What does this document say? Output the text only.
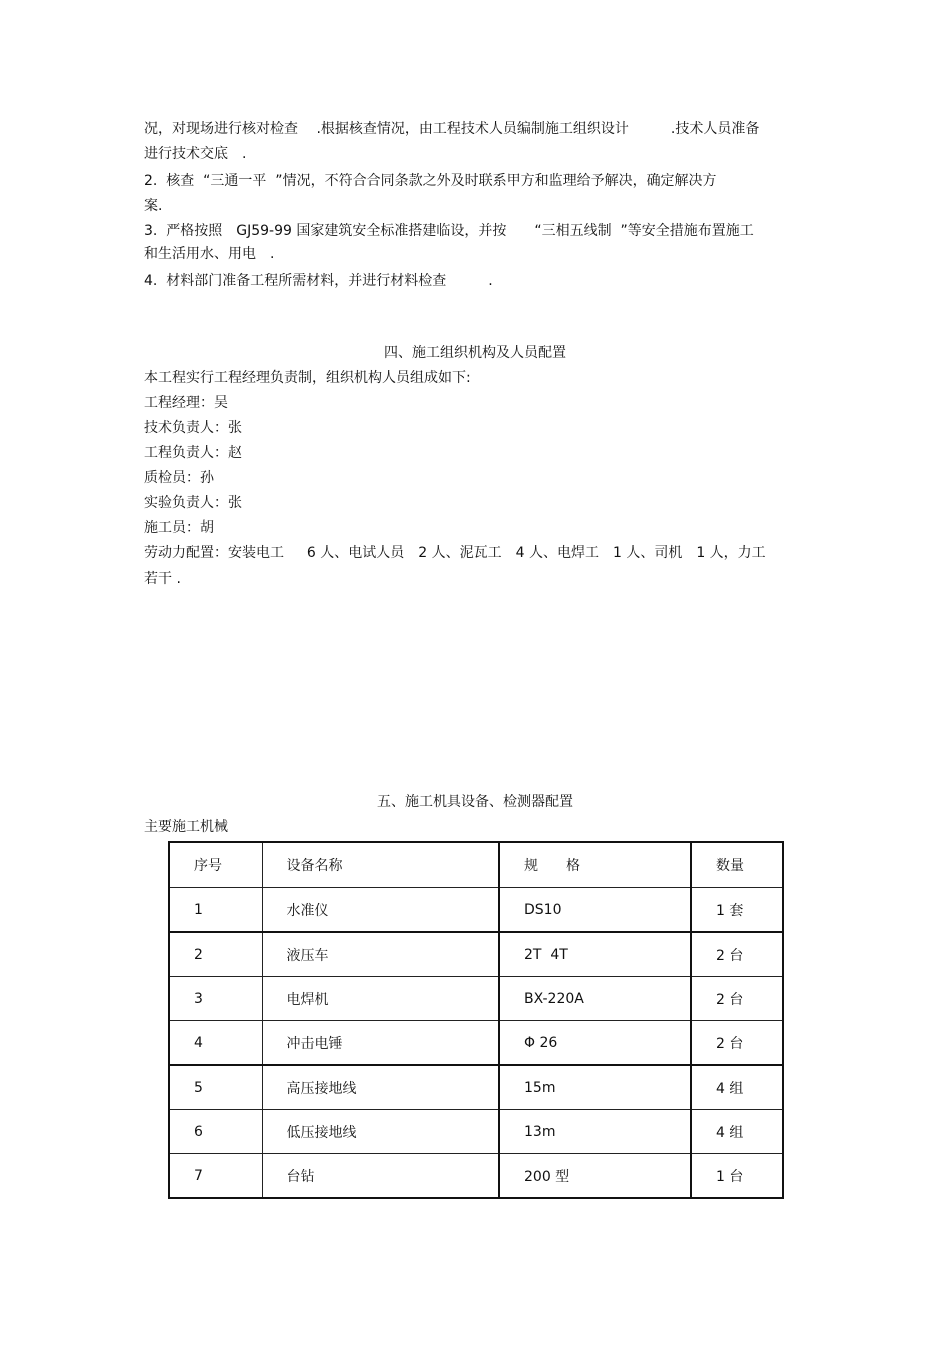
况，对现场进行核对检查　 .根据核查情况，由工程技术人员编制施工组织设计　　　.技术人员准备
进行技术交底　.
2.  核查  “三通一平  ”情况，不符合合同条款之外及时联系甲方和监理给予解决，确定解决方
案.
3.  严格按照　GJ59-99 国家建筑安全标准搭建临设，并按　　“三相五线制  ”等安全措施布置施工
和生活用水、用电　.
4.  材料部门准备工程所需材料，并进行材料检查　　　.
四、施工组织机构及人员配置
本工程实行工程经理负责制，组织机构人员组成如下:
工程经理：吴
技术负责人：张
工程负责人：赵
质检员：孙
实验负责人：张
施工员：胡
劳动力配置：安装电工　  6 人、电试人员　2 人、泥瓦工　4 人、电焊工　1 人、司机　1 人，力工
若干 .
五、施工机具设备、检测器配置
主要施工机械
序号	设备名称	规　　格	数量
1	水准仪	DS10	1 套
2	液压车	2T  4T	2 台
3	电焊机	BX-220A	2 台
4	冲击电锤	Φ 26	2 台
5	高压接地线	15m	4 组
6	低压接地线	13m	4 组
7	台钻	200 型	1 台
